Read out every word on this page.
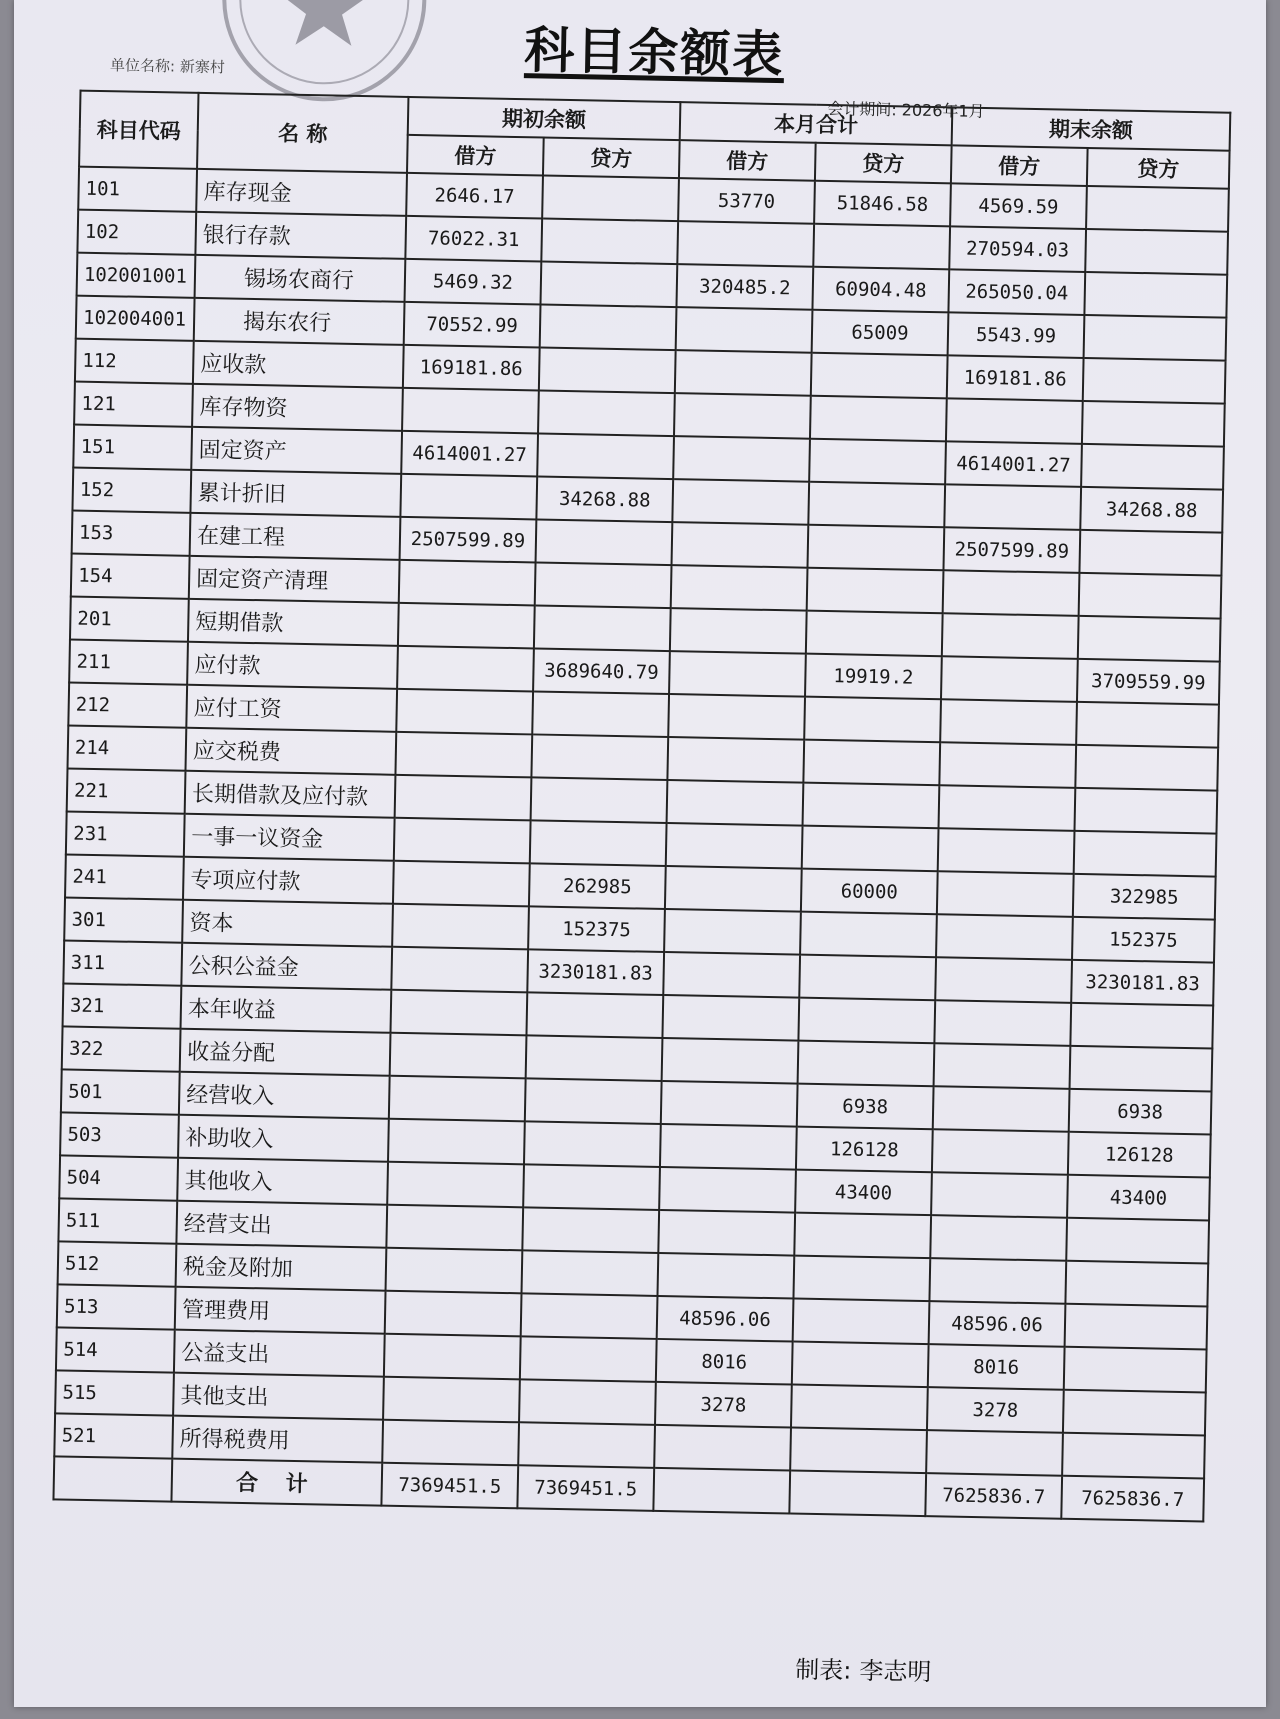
科目余额表
单位名称: 新寨村
会计期间: 2026年1月
科目代码	名 称	期初余额		本月合计		期末余额	
		借方	贷方	借方	贷方	借方	贷方
101	库存现金	2646.17		53770	51846.58	4569.59	
102	银行存款	76022.31				270594.03	
102001001	锡场农商行	5469.32		320485.2	60904.48	265050.04	
102004001	揭东农行	70552.99			65009	5543.99	
112	应收款	169181.86				169181.86	
121	库存物资						
151	固定资产	4614001.27				4614001.27	
152	累计折旧		34268.88				34268.88
153	在建工程	2507599.89				2507599.89	
154	固定资产清理						
201	短期借款						
211	应付款		3689640.79		19919.2		3709559.99
212	应付工资						
214	应交税费						
221	长期借款及应付款						
231	一事一议资金						
241	专项应付款		262985		60000		322985
301	资本		152375				152375
311	公积公益金		3230181.83				3230181.83
321	本年收益						
322	收益分配						
501	经营收入				6938		6938
503	补助收入				126128		126128
504	其他收入				43400		43400
511	经营支出						
512	税金及附加						
513	管理费用			48596.06		48596.06	
514	公益支出			8016		8016	
515	其他支出			3278		3278	
521	所得税费用						
	合 计	7369451.5	7369451.5			7625836.7	7625836.7
制表: 李志明
